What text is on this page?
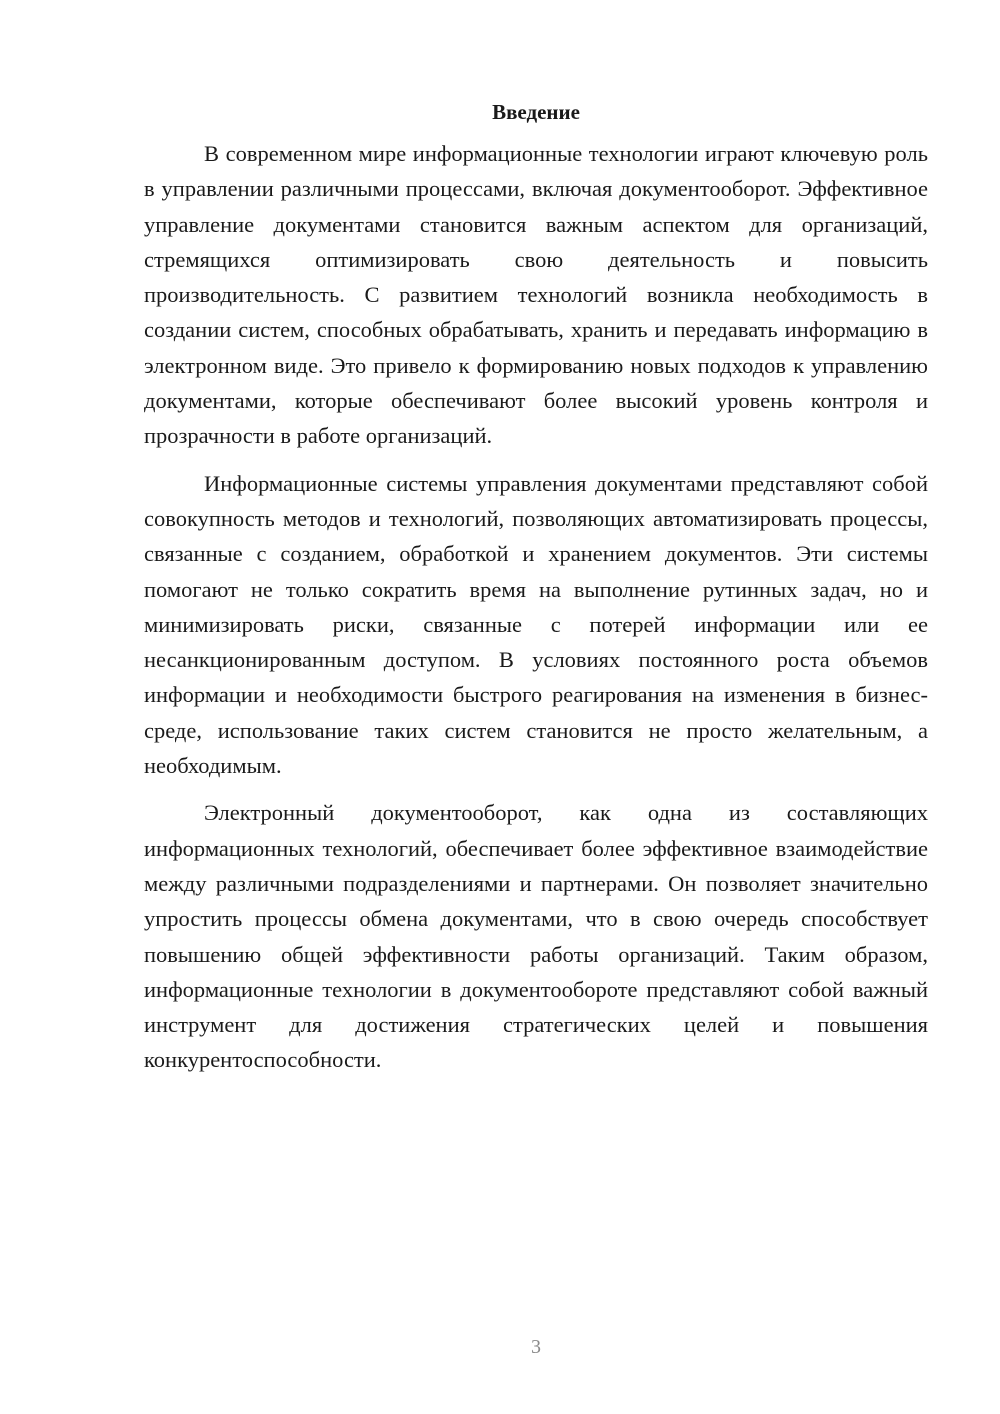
Введение

В современном мире информационные технологии играют ключевую роль в управлении различными процессами, включая документооборот. Эффективное управление документами становится важным аспектом для организаций, стремящихся оптимизировать свою деятельность и повысить производительность. С развитием технологий возникла необходимость в создании систем, способных обрабатывать, хранить и передавать информацию в электронном виде. Это привело к формированию новых подходов к управлению документами, которые обеспечивают более высокий уровень контроля и прозрачности в работе организаций.

Информационные системы управления документами представляют собой совокупность методов и технологий, позволяющих автоматизировать процессы, связанные с созданием, обработкой и хранением документов. Эти системы помогают не только сократить время на выполнение рутинных задач, но и минимизировать риски, связанные с потерей информации или ее несанкционированным доступом. В условиях постоянного роста объемов информации и необходимости быстрого реагирования на изменения в бизнес-среде, использование таких систем становится не просто желательным, а необходимым.

Электронный документооборот, как одна из составляющих информационных технологий, обеспечивает более эффективное взаимодействие между различными подразделениями и партнерами. Он позволяет значительно упростить процессы обмена документами, что в свою очередь способствует повышению общей эффективности работы организаций. Таким образом, информационные технологии в документообороте представляют собой важный инструмент для достижения стратегических целей и повышения конкурентоспособности.

3
